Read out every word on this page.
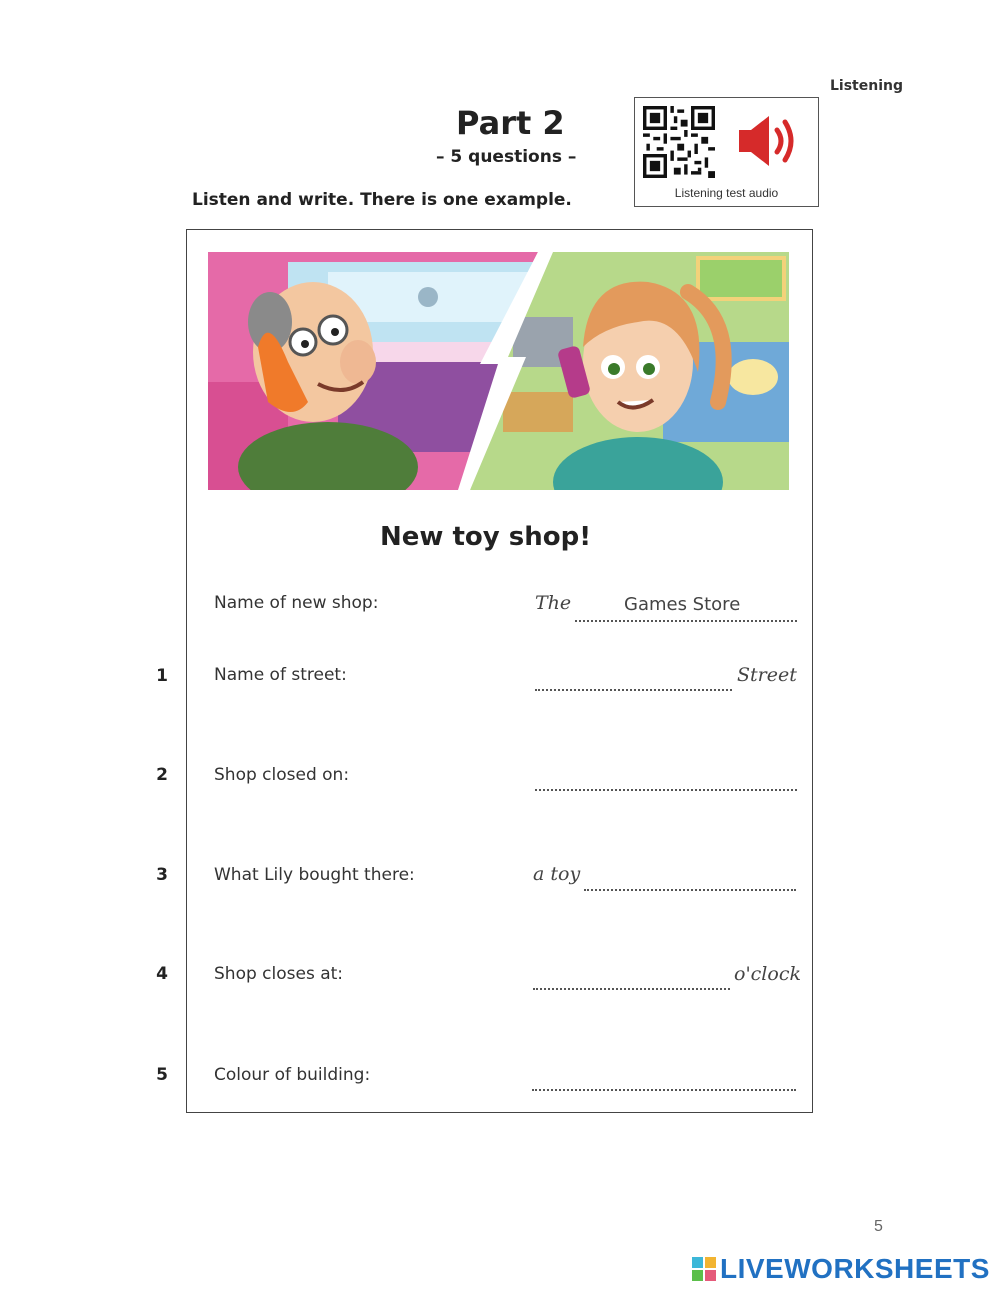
Listening
Part 2
– 5 questions –
Listen and write. There is one example.	Listening test audio
New toy shop!
Name of new shop:	The	Games Store
1	Name of street:	Street
2	Shop closed on:
3	What Lily bought there:	a toy
4	Shop closes at:	o'clock
5	Colour of building:
5
LIVEWORKSHEETS
